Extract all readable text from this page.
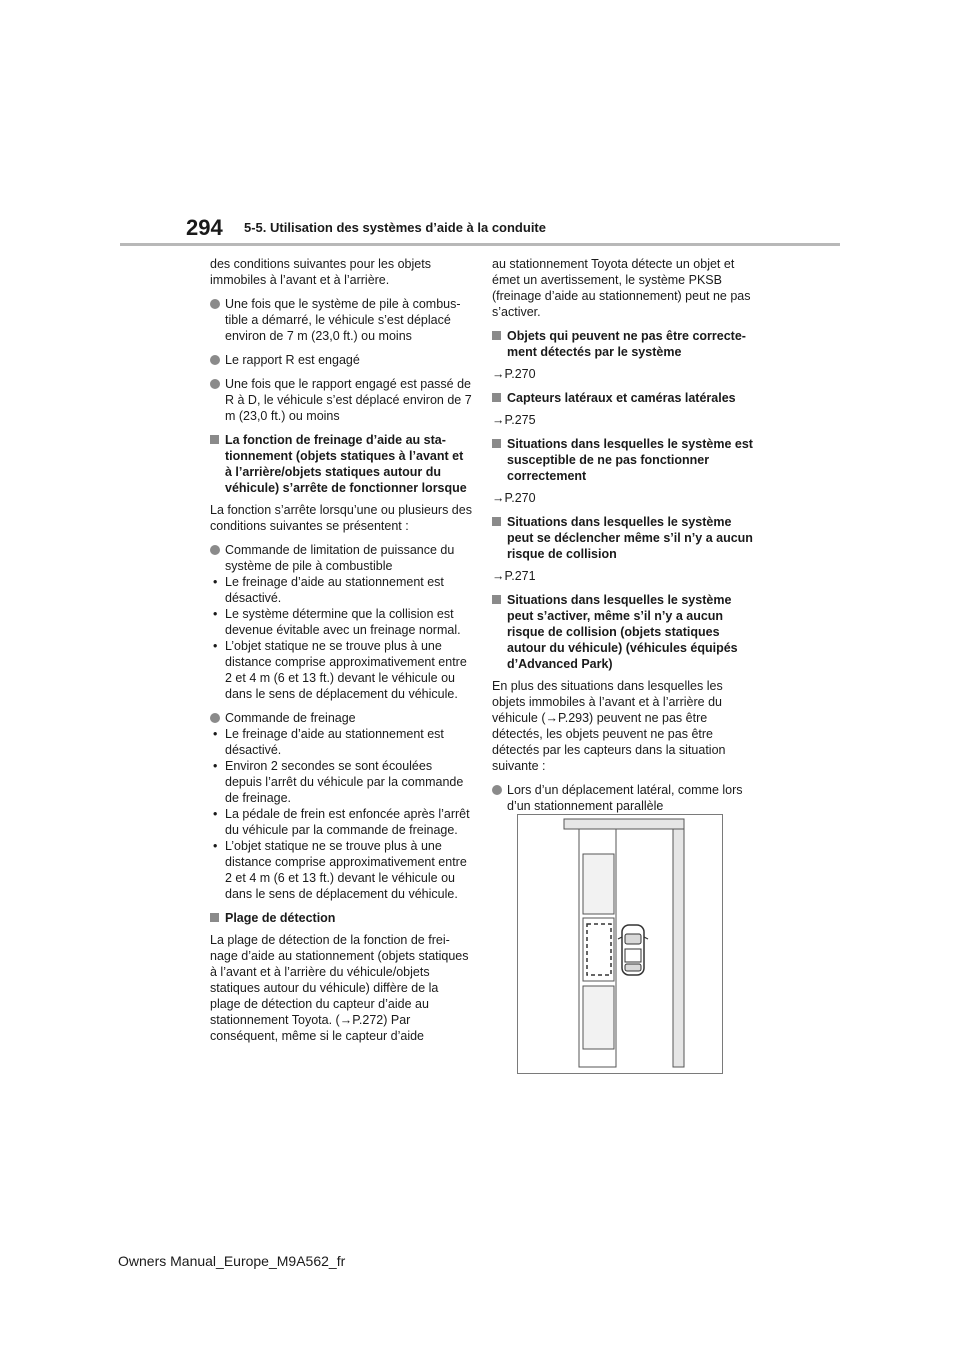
294 5-5. Utilisation des systèmes d’aide à la conduite

des conditions suivantes pour les objets immobiles à l’avant et à l’arrière.

Une fois que le système de pile à combustible a démarré, le véhicule s’est déplacé environ de 7 m (23,0 ft.) ou moins
Le rapport R est engagé
Une fois que le rapport engagé est passé de R à D, le véhicule s’est déplacé environ de 7 m (23,0 ft.) ou moins
La fonction de freinage d’aide au stationnement (objets statiques à l’avant et à l’arrière/objets statiques autour du véhicule) s’arrête de fonctionner lorsque

La fonction s’arrête lorsqu’une ou plusieurs des conditions suivantes se présentent :

Commande de limitation de puissance du système de pile à combustible
• Le freinage d’aide au stationnement est désactivé.
• Le système détermine que la collision est devenue évitable avec un freinage normal.
• L’objet statique ne se trouve plus à une distance comprise approximativement entre 2 et 4 m (6 et 13 ft.) devant le véhicule ou dans le sens de déplacement du véhicule.
Commande de freinage
• Le freinage d’aide au stationnement est désactivé.
• Environ 2 secondes se sont écoulées depuis l’arrêt du véhicule par la commande de freinage.
• La pédale de frein est enfoncée après l’arrêt du véhicule par la commande de freinage.
• L’objet statique ne se trouve plus à une distance comprise approximativement entre 2 et 4 m (6 et 13 ft.) devant le véhicule ou dans le sens de déplacement du véhicule.
Plage de détection

La plage de détection de la fonction de freinage d’aide au stationnement (objets statiques à l’avant et à l’arrière du véhicule/objets statiques autour du véhicule) diffère de la plage de détection du capteur d’aide au stationnement Toyota. (→P.272) Par conséquent, même si le capteur d’aide

au stationnement Toyota détecte un objet et émet un avertissement, le système PKSB (freinage d’aide au stationnement) peut ne pas s’activer.

Objets qui peuvent ne pas être correctement détectés par le système

→P.270

Capteurs latéraux et caméras latérales

→P.275

Situations dans lesquelles le système est susceptible de ne pas fonctionner correctement

→P.270

Situations dans lesquelles le système peut se déclencher même s’il n’y a aucun risque de collision

→P.271

Situations dans lesquelles le système peut s’activer, même s’il n’y a aucun risque de collision (objets statiques autour du véhicule) (véhicules équipés d’Advanced Park)

En plus des situations dans lesquelles les objets immobiles à l’avant et à l’arrière du véhicule (→P.293) peuvent ne pas être détectés, les objets peuvent ne pas être détectés par les capteurs dans la situation suivante :

Lors d’un déplacement latéral, comme lors d’un stationnement parallèle
Owners Manual_Europe_M9A562_fr
